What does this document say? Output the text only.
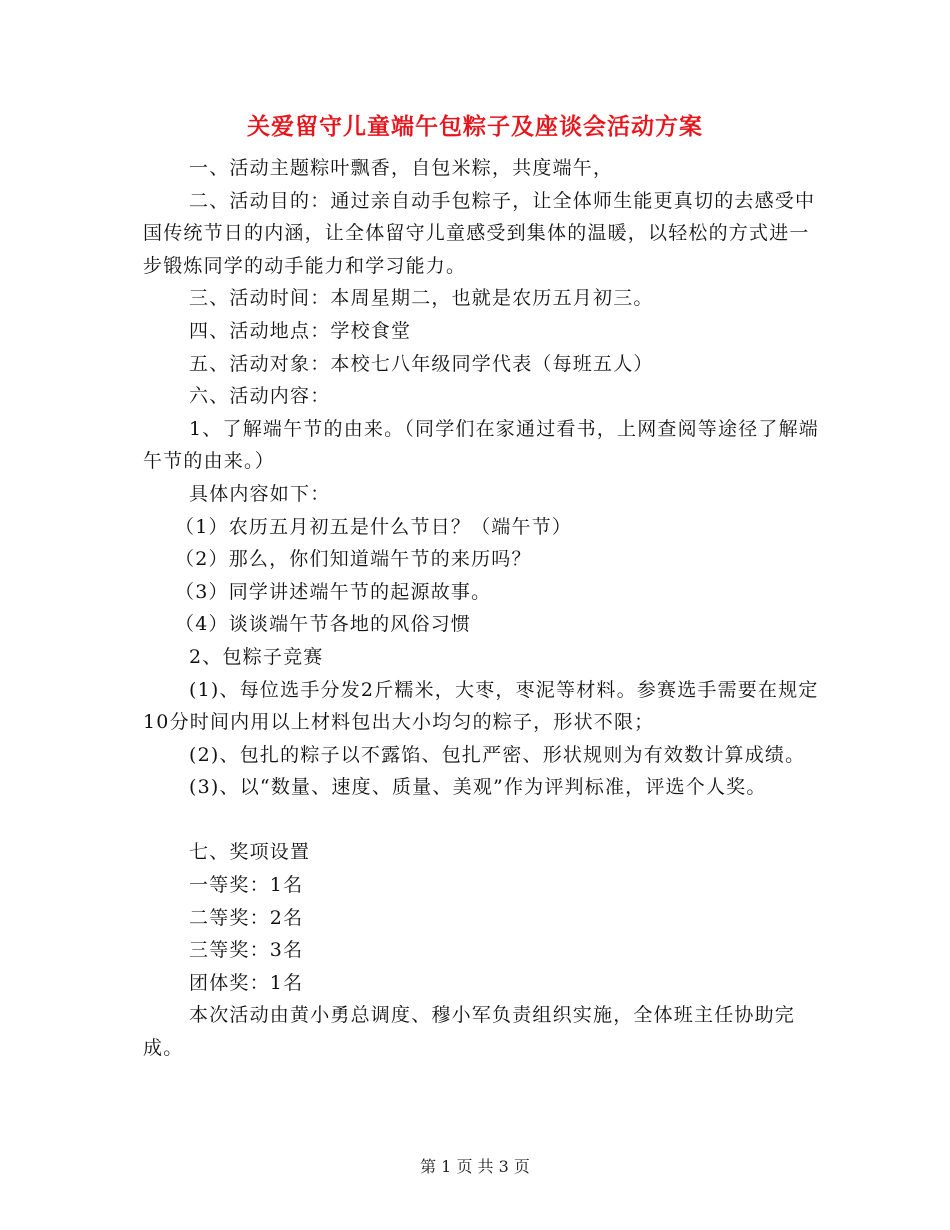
关爱留守儿童端午包粽子及座谈会活动方案

一、活动主题粽叶飘香，自包米粽，共度端午，

二、活动目的：通过亲自动手包粽子，让全体师生能更真切的去感受中国传统节日的内涵，让全体留守儿童感受到集体的温暖，以轻松的方式进一步锻炼同学的动手能力和学习能力。

三、活动时间：本周星期二，也就是农历五月初三。

四、活动地点：学校食堂

五、活动对象：本校七八年级同学代表（每班五人）

六、活动内容：

1、了解端午节的由来。（同学们在家通过看书，上网查阅等途径了解端午节的由来。）

具体内容如下：

（1）农历五月初五是什么节日？（端午节）

（2）那么，你们知道端午节的来历吗？

（3）同学讲述端午节的起源故事。

（4）谈谈端午节各地的风俗习惯

2、包粽子竞赛

(1)、每位选手分发2斤糯米，大枣，枣泥等材料。参赛选手需要在规定10分时间内用以上材料包出大小均匀的粽子，形状不限；

(2)、包扎的粽子以不露馅、包扎严密、形状规则为有效数计算成绩。

(3)、以“数量、速度、质量、美观”作为评判标准，评选个人奖。

七、奖项设置

一等奖：1名

二等奖：2名

三等奖：3名

团体奖：1名

本次活动由黄小勇总调度、穆小军负责组织实施，全体班主任协助完成。

第 1 页 共 3 页
